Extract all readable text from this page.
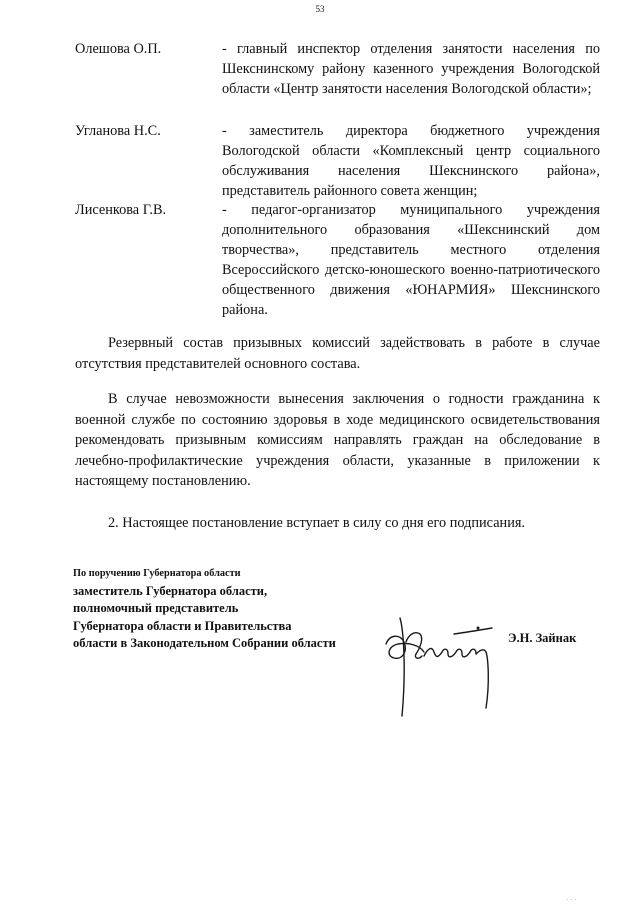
53
Олешова О.П.	- главный инспектор отделения занятости населения по Шекснинскому району казенного учреждения Вологодской области «Центр занятости населения Вологодской области»;
Угланова Н.С.	- заместитель директора бюджетного учреждения Вологодской области «Комплексный центр социального обслуживания населения Шекснинского района», представитель районного совета женщин;
Лисенкова Г.В.	- педагог-организатор муниципального учреждения дополнительного образования «Шекснинский дом творчества», представитель местного отделения Всероссийского детско-юношеского военно-патриотического общественного движения «ЮНАРМИЯ» Шекснинского района.
Резервный состав призывных комиссий задействовать в работе в случае отсутствия представителей основного состава.
В случае невозможности вынесения заключения о годности гражданина к военной службе по состоянию здоровья в ходе медицинского освидетельствования рекомендовать призывным комиссиям направлять граждан на обследование в лечебно-профилактические учреждения области, указанные в приложении к настоящему постановлению.
2. Настоящее постановление вступает в силу со дня его подписания.
По поручению Губернатора области
заместитель Губернатора области,
полномочный представитель
Губернатора области и Правительства
области в Законодательном Собрании области	Э.Н. Зайнак
· · ·
